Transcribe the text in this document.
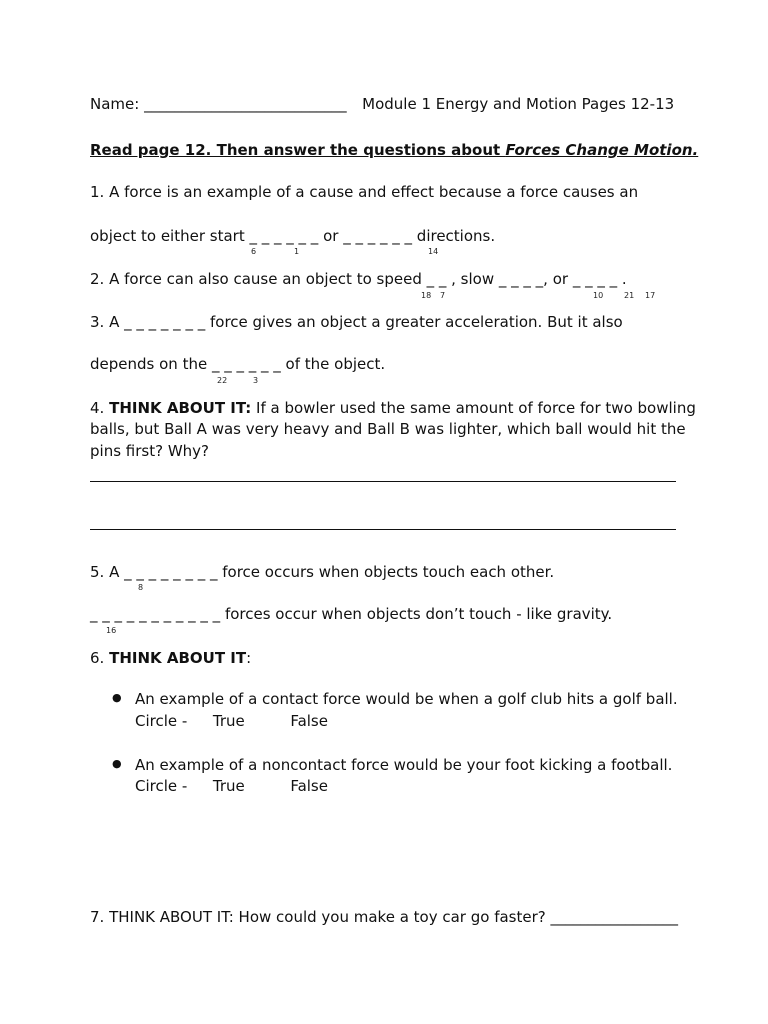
Name: ___________________________ Module 1 Energy and Motion Pages 12-13
Read page 12. Then answer the questions about Forces Change Motion.
1. A force is an example of a cause and effect because a force causes an
object to either start _ _ _ _ _ _ or _ _ _ _ _ _ directions.
6	1	14
2. A force can also cause an object to speed _ _ , slow _ _ _ _, or _ _ _ _ .
18 7	10	21 17
3. A _ _ _ _ _ _ _ force gives an object a greater acceleration. But it also
depends on the _ _ _ _ _ _ of the object.
22	3
4. THINK ABOUT IT: If a bowler used the same amount of force for two bowling
balls, but Ball A was very heavy and Ball B was lighter, which ball would hit the
pins first? Why?
5. A _ _ _ _ _ _ _ _ force occurs when objects touch each other.
8
_ _ _ _ _ _ _ _ _ _ _ forces occur when objects don’t touch - like gravity.
16
6. THINK ABOUT IT:
● An example of a contact force would be when a golf club hits a golf ball.
Circle - True	False
● An example of a noncontact force would be your foot kicking a football.
Circle - True	False
7. THINK ABOUT IT: How could you make a toy car go faster? _________________
